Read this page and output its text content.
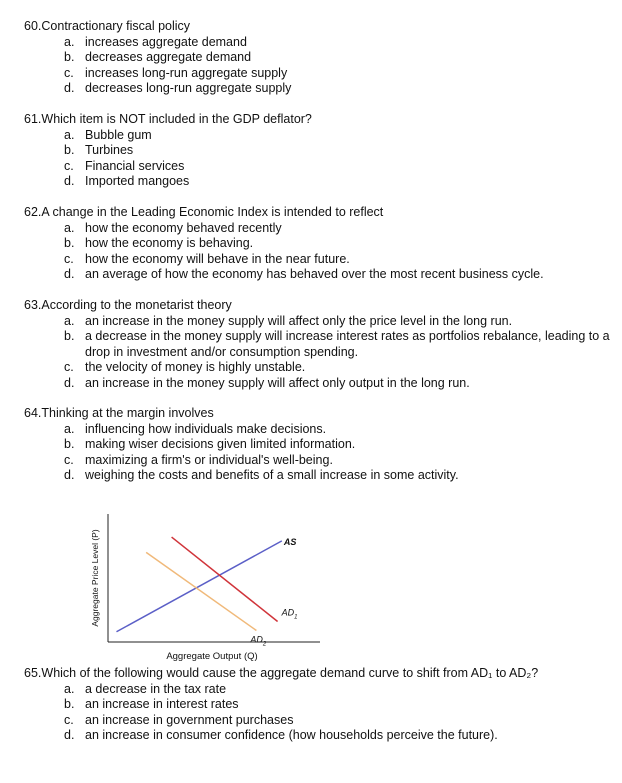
60.Contractionary fiscal policy
a. increases aggregate demand
b. decreases aggregate demand
c. increases long-run aggregate supply
d. decreases long-run aggregate supply
61.Which item is NOT included in the GDP deflator?
a. Bubble gum
b. Turbines
c. Financial services
d. Imported mangoes
62.A change in the Leading Economic Index is intended to reflect
a. how the economy behaved recently
b. how the economy is behaving.
c. how the economy will behave in the near future.
d. an average of how the economy has behaved over the most recent business cycle.
63.According to the monetarist theory
a. an increase in the money supply will affect only the price level in the long run.
b. a decrease in the money supply will increase interest rates as portfolios rebalance, leading to a drop in investment and/or consumption spending.
c. the velocity of money is highly unstable.
d. an increase in the money supply will affect only output in the long run.
64.Thinking at the margin involves
a. influencing how individuals make decisions.
b. making wiser decisions given limited information.
c. maximizing a firm's or individual's well-being.
d. weighing the costs and benefits of a small increase in some activity.
AS
$AD_1$
$AD_2$
Aggregate Output (Q)
Aggregate Price Level (P)
65.Which of the following would cause the aggregate demand curve to shift from AD₁ to AD₂?
a. a decrease in the tax rate
b. an increase in interest rates
c. an increase in government purchases
d. an increase in consumer confidence (how households perceive the future).
